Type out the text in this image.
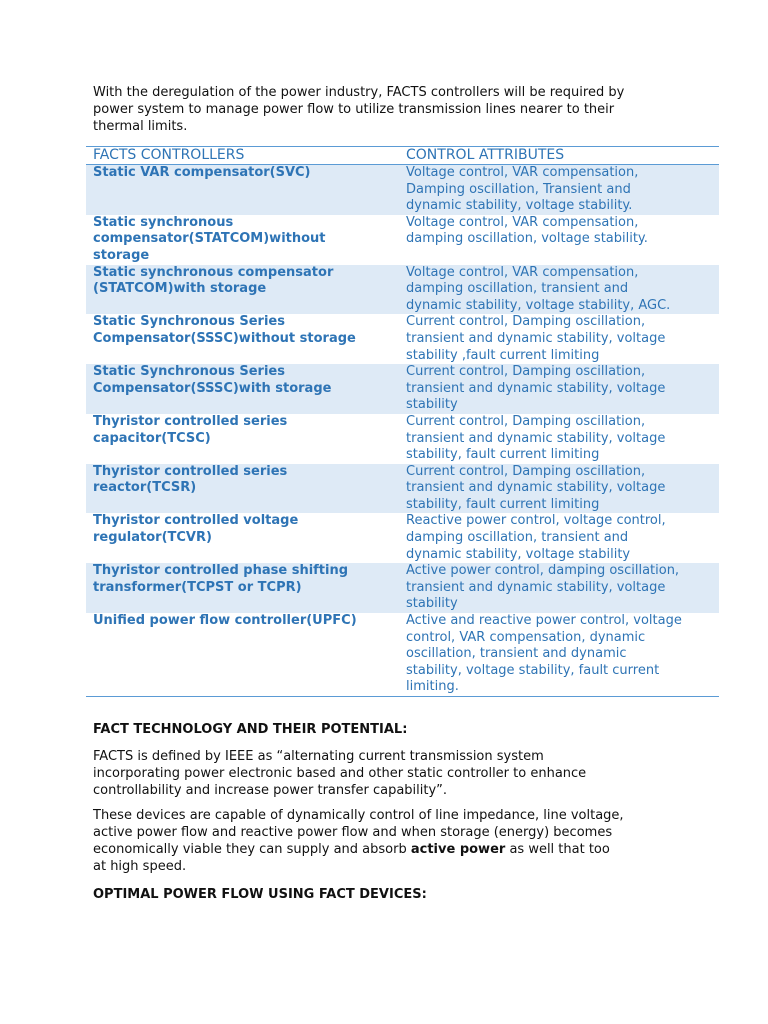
With the deregulation of the power industry, FACTS controllers will be required by
power system to manage power flow to utilize transmission lines nearer to their
thermal limits.

FACTS CONTROLLERS	CONTROL ATTRIBUTES
Static VAR compensator(SVC)	Voltage control, VAR compensation,
Damping oscillation, Transient and
dynamic stability, voltage stability.
Static synchronous
compensator(STATCOM)without
storage	Voltage control, VAR compensation,
damping oscillation, voltage stability.
Static synchronous compensator
(STATCOM)with storage	Voltage control, VAR compensation,
damping oscillation, transient and
dynamic stability, voltage stability, AGC.
Static Synchronous Series
Compensator(SSSC)without storage	Current control, Damping oscillation,
transient and dynamic stability, voltage
stability ,fault current limiting
Static Synchronous Series
Compensator(SSSC)with storage	Current control, Damping oscillation,
transient and dynamic stability, voltage
stability
Thyristor controlled series
capacitor(TCSC)	Current control, Damping oscillation,
transient and dynamic stability, voltage
stability, fault current limiting
Thyristor controlled series
reactor(TCSR)	Current control, Damping oscillation,
transient and dynamic stability, voltage
stability, fault current limiting
Thyristor controlled voltage
regulator(TCVR)	Reactive power control, voltage control,
damping oscillation, transient and
dynamic stability, voltage stability
Thyristor controlled phase shifting
transformer(TCPST or TCPR)	Active power control, damping oscillation,
transient and dynamic stability, voltage
stability
Unified power flow controller(UPFC)	Active and reactive power control, voltage
control, VAR compensation, dynamic
oscillation, transient and dynamic
stability, voltage stability, fault current
limiting.
FACT TECHNOLOGY AND THEIR POTENTIAL:

FACTS is defined by IEEE as “alternating current transmission system
incorporating power electronic based and other static controller to enhance
controllability and increase power transfer capability”.

These devices are capable of dynamically control of line impedance, line voltage,
active power flow and reactive power flow and when storage (energy) becomes
economically viable they can supply and absorb active power as well that too
at high speed.

OPTIMAL POWER FLOW USING FACT DEVICES:
